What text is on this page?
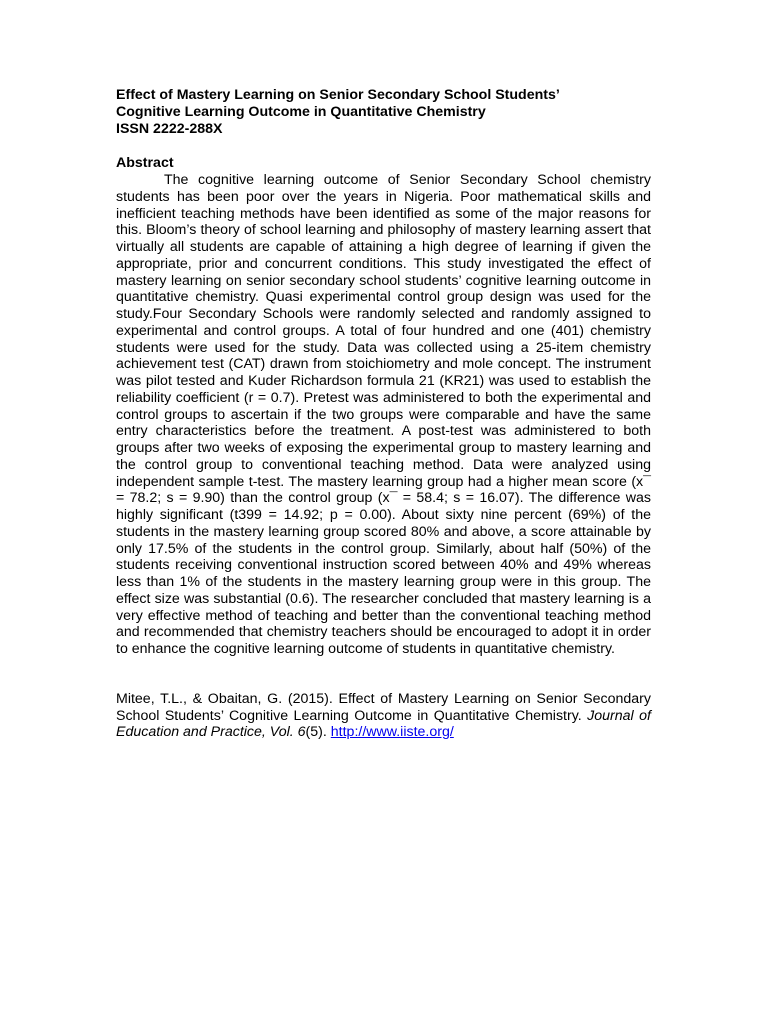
Effect of Mastery Learning on Senior Secondary School Students’
Cognitive Learning Outcome in Quantitative Chemistry
ISSN 2222-288X
Abstract

The cognitive learning outcome of Senior Secondary School chemistry students has been poor over the years in Nigeria. Poor mathematical skills and inefficient teaching methods have been identified as some of the major reasons for this. Bloom’s theory of school learning and philosophy of mastery learning assert that virtually all students are capable of attaining a high degree of learning if given the appropriate, prior and concurrent conditions. This study investigated the effect of mastery learning on senior secondary school students’ cognitive learning outcome in quantitative chemistry. Quasi experimental control group design was used for the study.Four Secondary Schools were randomly selected and randomly assigned to experimental and control groups. A total of four hundred and one (401) chemistry students were used for the study. Data was collected using a 25-item chemistry achievement test (CAT) drawn from stoichiometry and mole concept. The instrument was pilot tested and Kuder Richardson formula 21 (KR21) was used to establish the reliability coefficient (r = 0.7). Pretest was administered to both the experimental and control groups to ascertain if the two groups were comparable and have the same entry characteristics before the treatment. A post-test was administered to both groups after two weeks of exposing the experimental group to mastery learning and the control group to conventional teaching method. Data were analyzed using independent sample t-test. The mastery learning group had a higher mean score (x¯ = 78.2; s = 9.90) than the control group (x¯ = 58.4; s = 16.07). The difference was highly significant (t399 = 14.92; p = 0.00). About sixty nine percent (69%) of the students in the mastery learning group scored 80% and above, a score attainable by only 17.5% of the students in the control group. Similarly, about half (50%) of the students receiving conventional instruction scored between 40% and 49% whereas less than 1% of the students in the mastery learning group were in this group. The effect size was substantial (0.6). The researcher concluded that mastery learning is a very effective method of teaching and better than the conventional teaching method and recommended that chemistry teachers should be encouraged to adopt it in order to enhance the cognitive learning outcome of students in quantitative chemistry.

Mitee, T.L., & Obaitan, G. (2015). Effect of Mastery Learning on Senior Secondary School Students’ Cognitive Learning Outcome in Quantitative Chemistry. Journal of Education and Practice, Vol. 6(5). http://www.iiste.org/
